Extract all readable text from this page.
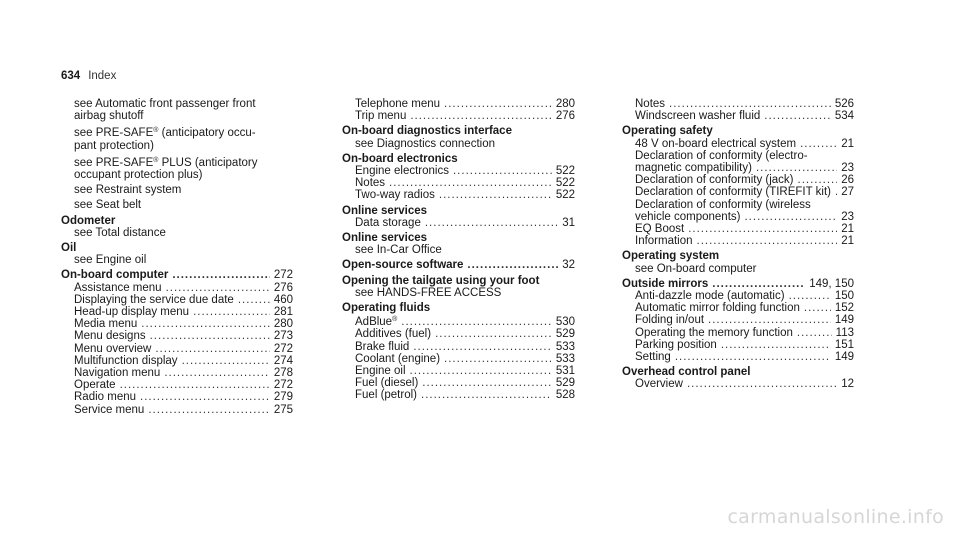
634 Index
see Automatic front passenger front
airbag shutoff
see PRE-SAFE® (anticipatory occu-
pant protection)
see PRE-SAFE® PLUS (anticipatory
occupant protection plus)
see Restraint system
see Seat belt
Odometer
see Total distance
Oil
see Engine oil
On-board computer .....	272
Assistance menu .....	276
Displaying the service due date .....	460
Head-up display menu .....	281
Media menu .....	280
Menu designs .....	273
Menu overview .....	272
Multifunction display .....	274
Navigation menu .....	278
Operate .....	272
Radio menu .....	279
Service menu .....	275
Telephone menu .....	280
Trip menu .....	276
On-board diagnostics interface
see Diagnostics connection
On-board electronics
Engine electronics .....	522
Notes .....	522
Two-way radios .....	522
Online services
Data storage .....	31
Online services
see In-Car Office
Open-source software .....	32
Opening the tailgate using your foot
see HANDS-FREE ACCESS
Operating fluids
AdBlue® .....	530
Additives (fuel) .....	529
Brake fluid .....	533
Coolant (engine) .....	533
Engine oil .....	531
Fuel (diesel) .....	529
Fuel (petrol) .....	528
Notes .....	526
Windscreen washer fluid .....	534
Operating safety
48 V on-board electrical system .....	21
Declaration of conformity (electro-
magnetic compatibility) .....	23
Declaration of conformity (jack) .....	26
Declaration of conformity (TIREFIT kit) ..... 27
Declaration of conformity (wireless
vehicle components) .....	23
EQ Boost .....	21
Information .....	21
Operating system
see On-board computer
Outside mirrors .....	149, 150
Anti-dazzle mode (automatic) .....	150
Automatic mirror folding function .....	152
Folding in/out .....	149
Operating the memory function .....	113
Parking position .....	151
Setting .....	149
Overhead control panel
Overview .....	12
carmanualsonline.info
